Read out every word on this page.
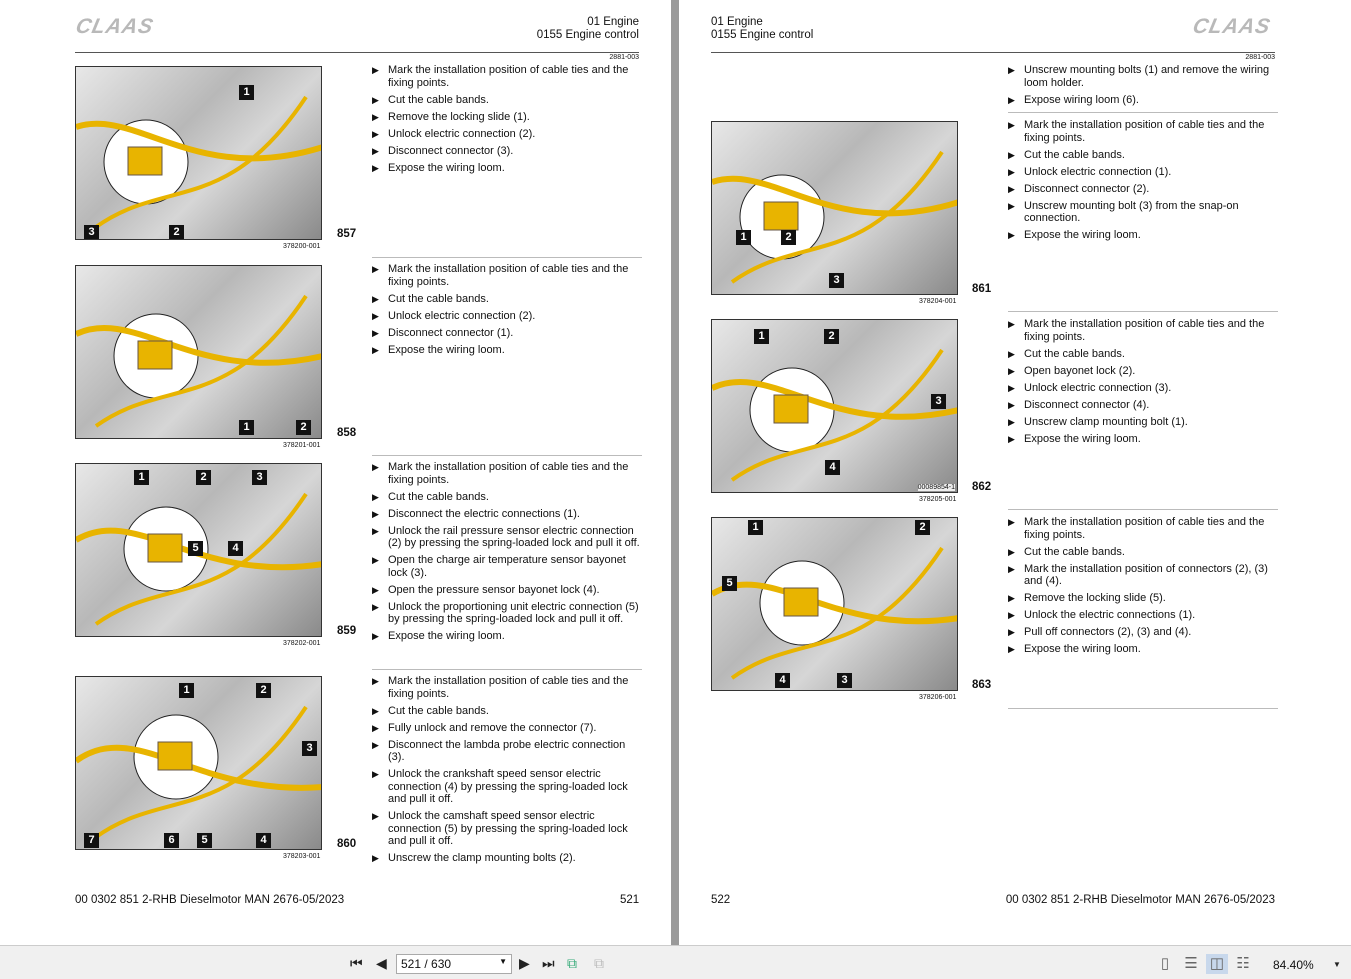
CLAAS	01 Engine
0155 Engine control
2881-003
1
3	2
378200-001
857
1	2
378201-001
858
1	2	3
5	4
378202-001
859
1	2
3
7	6	5	4
378203-001
860
▶ Mark the installation position of cable ties and the fixing points.
▶ Cut the cable bands.
▶ Remove the locking slide (1).
▶ Unlock electric connection (2).
▶ Disconnect connector (3).
▶ Expose the wiring loom.
▶ Mark the installation position of cable ties and the fixing points.
▶ Cut the cable bands.
▶ Unlock electric connection (2).
▶ Disconnect connector (1).
▶ Expose the wiring loom.
▶ Mark the installation position of cable ties and the fixing points.
▶ Cut the cable bands.
▶ Disconnect the electric connections (1).
▶ Unlock the rail pressure sensor electric connection (2) by pressing the spring-loaded lock and pull it off.
▶ Open the charge air temperature sensor bayonet lock (3).
▶ Open the pressure sensor bayonet lock (4).
▶ Unlock the proportioning unit electric connection (5) by pressing the spring-loaded lock and pull it off.
▶ Expose the wiring loom.
▶ Mark the installation position of cable ties and the fixing points.
▶ Cut the cable bands.
▶ Fully unlock and remove the connector (7).
▶ Disconnect the lambda probe electric connection (3).
▶ Unlock the crankshaft speed sensor electric connection (4) by pressing the spring-loaded lock and pull it off.
▶ Unlock the camshaft speed sensor electric connection (5) by pressing the spring-loaded lock and pull it off.
▶ Unscrew the clamp mounting bolts (2).
00 0302 851 2-RHB Dieselmotor MAN 2676-05/2023	521
CLAAS
01 Engine
0155 Engine control
2881-003
1	2
3
378204-001
861
1	2
3
4
00089854-1
378205-001
862
1	2
5
4	3
378206-001
863
▶ Unscrew mounting bolts (1) and remove the wiring loom holder.
▶ Expose wiring loom (6).
▶ Mark the installation position of cable ties and the fixing points.
▶ Cut the cable bands.
▶ Unlock electric connection (1).
▶ Disconnect connector (2).
▶ Unscrew mounting bolt (3) from the snap-on connection.
▶ Expose the wiring loom.
▶ Mark the installation position of cable ties and the fixing points.
▶ Cut the cable bands.
▶ Open bayonet lock (2).
▶ Unlock electric connection (3).
▶ Disconnect connector (4).
▶ Unscrew clamp mounting bolt (1).
▶ Expose the wiring loom.
▶ Mark the installation position of cable ties and the fixing points.
▶ Cut the cable bands.
▶ Mark the installation position of connectors (2), (3) and (4).
▶ Remove the locking slide (5).
▶ Unlock the electric connections (1).
▶ Pull off connectors (2), (3) and (4).
▶ Expose the wiring loom.
00 0302 851 2-RHB Dieselmotor MAN 2676-05/2023
522
⏮ ◀	521 / 630	▼ ▶ ⏭ ⧉ ⧉	▯	☰ ◫ ☷	84.40% ▼
